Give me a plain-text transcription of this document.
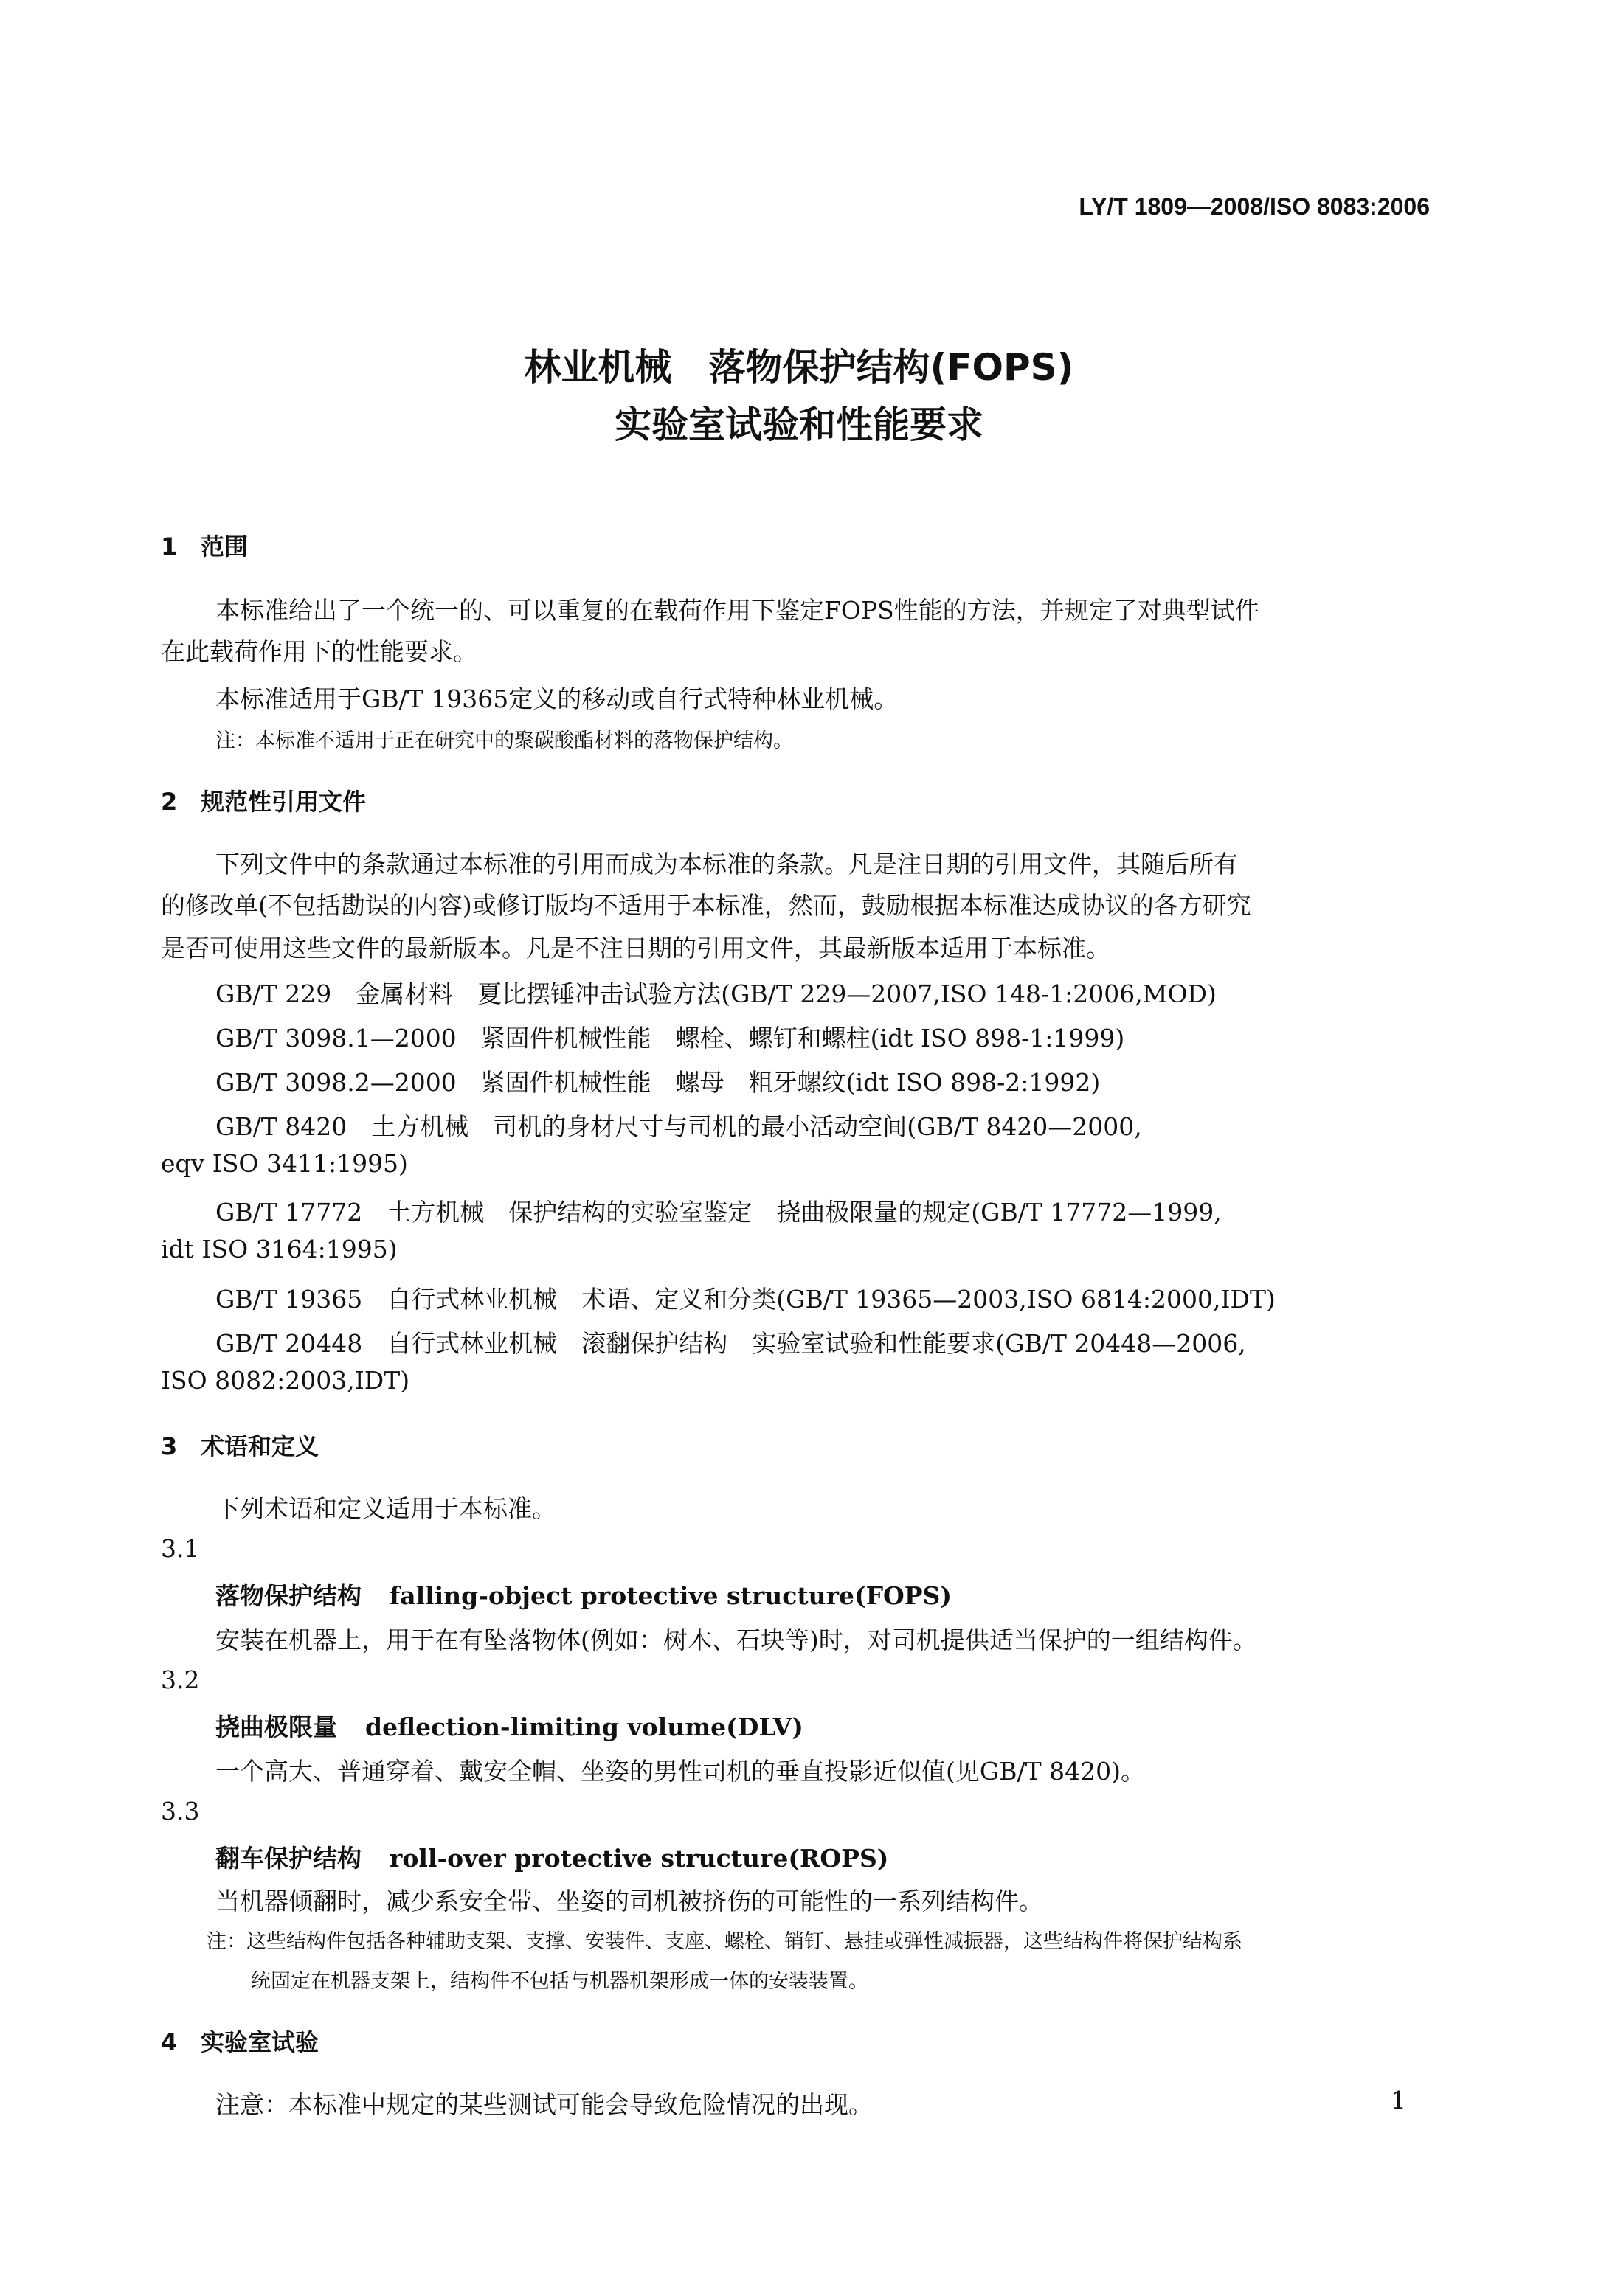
LY/T 1809—2008/ISO 8083:2006
林业机械　落物保护结构(FOPS)
实验室试验和性能要求
1 范围
本标准给出了一个统一的、可以重复的在载荷作用下鉴定FOPS性能的方法，并规定了对典型试件
在此载荷作用下的性能要求。
本标准适用于GB/T 19365定义的移动或自行式特种林业机械。
注：本标准不适用于正在研究中的聚碳酸酯材料的落物保护结构。
2 规范性引用文件
下列文件中的条款通过本标准的引用而成为本标准的条款。凡是注日期的引用文件，其随后所有
的修改单(不包括勘误的内容)或修订版均不适用于本标准，然而，鼓励根据本标准达成协议的各方研究
是否可使用这些文件的最新版本。凡是不注日期的引用文件，其最新版本适用于本标准。
GB/T 229　金属材料　夏比摆锤冲击试验方法(GB/T 229—2007,ISO 148-1:2006,MOD)
GB/T 3098.1—2000　紧固件机械性能　螺栓、螺钉和螺柱(idt ISO 898-1:1999)
GB/T 3098.2—2000　紧固件机械性能　螺母　粗牙螺纹(idt ISO 898-2:1992)
GB/T 8420　土方机械　司机的身材尺寸与司机的最小活动空间(GB/T 8420—2000,
eqv ISO 3411:1995)
GB/T 17772　土方机械　保护结构的实验室鉴定　挠曲极限量的规定(GB/T 17772—1999,
idt ISO 3164:1995)
GB/T 19365　自行式林业机械　术语、定义和分类(GB/T 19365—2003,ISO 6814:2000,IDT)
GB/T 20448　自行式林业机械　滚翻保护结构　实验室试验和性能要求(GB/T 20448—2006,
ISO 8082:2003,IDT)
3 术语和定义
下列术语和定义适用于本标准。
3.1
落物保护结构 falling-object protective structure(FOPS)
安装在机器上，用于在有坠落物体(例如：树木、石块等)时，对司机提供适当保护的一组结构件。
3.2
挠曲极限量 deflection-limiting volume(DLV)
一个高大、普通穿着、戴安全帽、坐姿的男性司机的垂直投影近似值(见GB/T 8420)。
3.3
翻车保护结构 roll-over protective structure(ROPS)
当机器倾翻时，减少系安全带、坐姿的司机被挤伤的可能性的一系列结构件。
注：这些结构件包括各种辅助支架、支撑、安装件、支座、螺栓、销钉、悬挂或弹性减振器，这些结构件将保护结构系
统固定在机器支架上，结构件不包括与机器机架形成一体的安装装置。
4 实验室试验
注意：本标准中规定的某些测试可能会导致危险情况的出现。	1
